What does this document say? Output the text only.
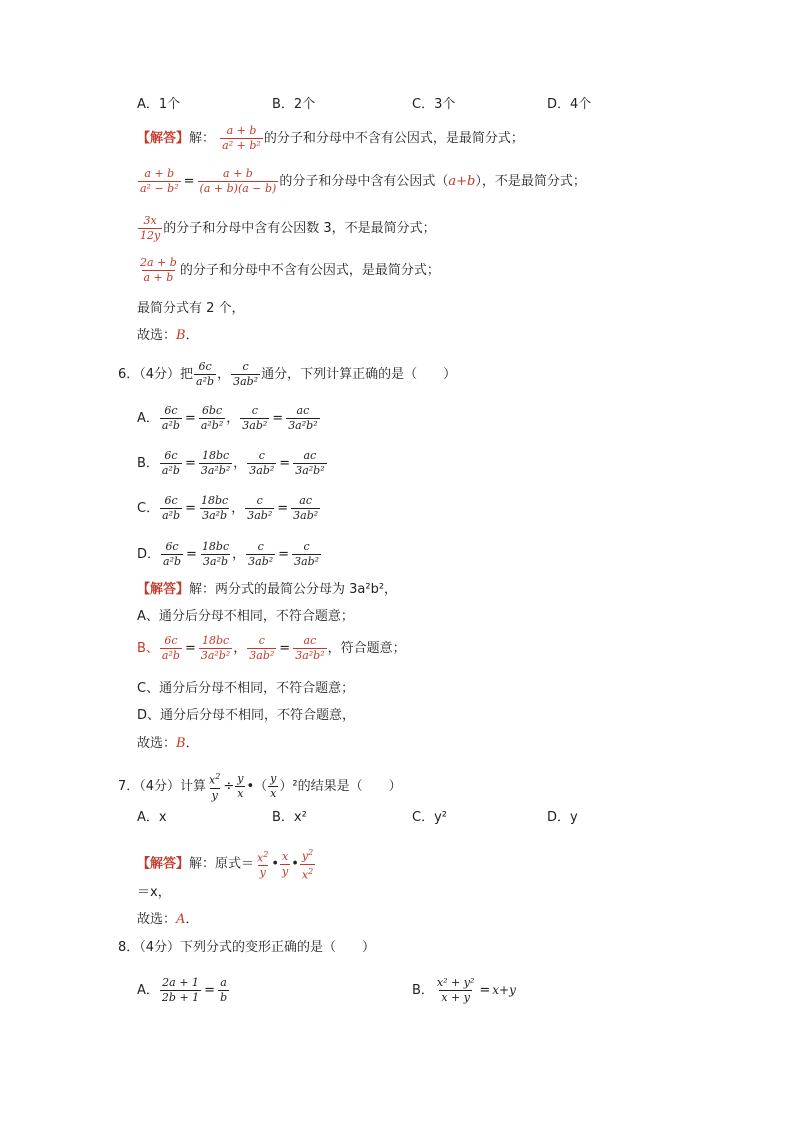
A．1个	B．2个	C．3个	D．4个
【解答】解： $\frac{a + b}{\text{a² + b²}}$ 的分子和分母中不含有公因式，是最简分式；
$\frac{a + b}{\text{a² − b²}} = \frac{a + b}{(a + b)(a - b)}$ 的分子和分母中含有公因式（a+b），不是最简分式；
$\frac{3x}{12y}$ 的分子和分母中含有公因数 3，不是最简分式；
$\frac{2a + b}{a + b}$ 的分子和分母中不含有公因式，是最简分式；
最简分式有 2 个，
故选：B．
6．（4分）把 $\frac{6c}{\text{a²b}}$ ， $\frac{c}{\text{3ab²}}$ 通分，下列计算正确的是（　　）
A． $\frac{6c}{\text{a²b}} = \frac{6bc}{\text{a²b²}}$ ， $\frac{c}{\text{3ab²}} = \frac{ac}{\text{3a²b²}}$
B． $\frac{6c}{\text{a²b}} = \frac{18bc}{\text{3a²b²}}$ ， $\frac{c}{\text{3ab²}} = \frac{ac}{\text{3a²b²}}$
C． $\frac{6c}{\text{a²b}} = \frac{18bc}{\text{3a²b}}$ ， $\frac{c}{\text{3ab²}} = \frac{ac}{\text{3ab²}}$
D． $\frac{6c}{\text{a²b}} = \frac{18bc}{\text{3a²b}}$ ， $\frac{c}{\text{3ab²}} = \frac{c}{\text{3ab²}}$
【解答】解：两分式的最简公分母为 3a²b²，
A、通分后分母不相同，不符合题意；
B、 $\frac{6c}{\text{a²b}} = \frac{18bc}{\text{3a²b²}}$ ， $\frac{c}{\text{3ab²}} = \frac{ac}{\text{3a²b²}}$ ，符合题意；
C、通分后分母不相同，不符合题意；
D、通分后分母不相同，不符合题意，
故选：B．
7．（4分）计算 $\frac{x^2}{y} \div \frac{y}{x}$ •（ $\frac{y}{x} )^2$的结果是（　　）
A．x	B．x²	C．y²	D．y
【解答】解：原式＝ $\frac{x^2}{y}$ • $\frac{x}{y}$ • $\frac{y^2}{x^2}$
＝x，
故选：A．
8．（4分）下列分式的变形正确的是（　　）
A． $\frac{2a + 1}{2b + 1} = \frac{a}{b}$	B． $\frac{\text{x² + y²}}{x + y} = x+y$
